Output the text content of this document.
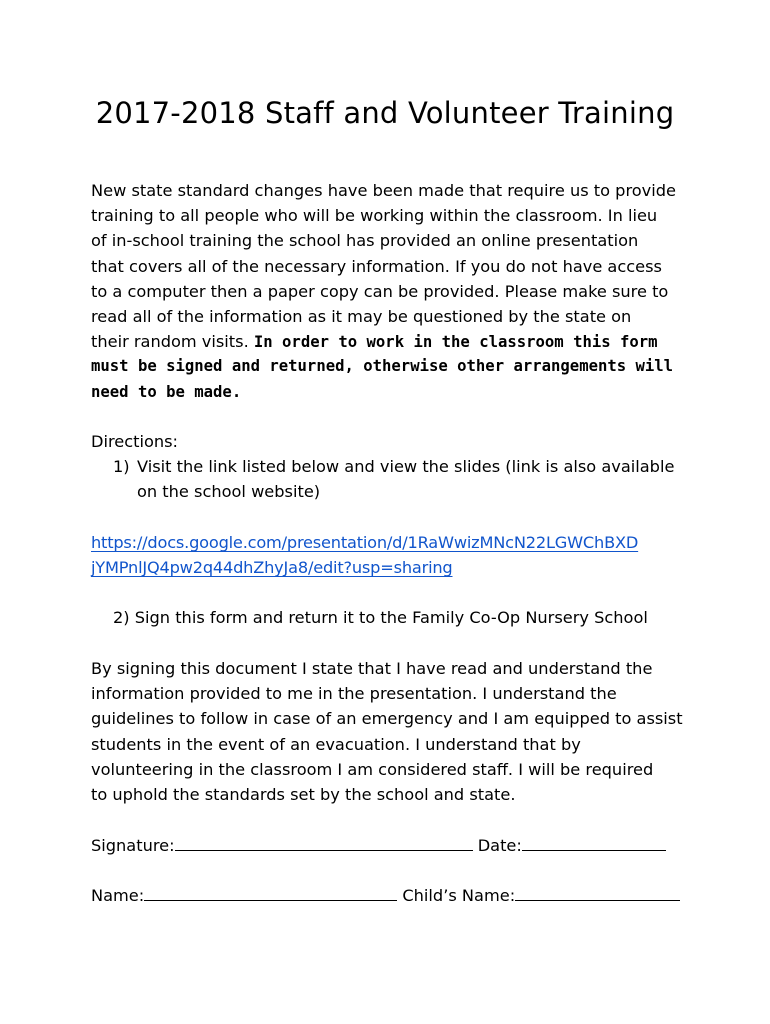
2017-2018 Staff and Volunteer Training
New state standard changes have been made that require us to provide
training to all people who will be working within the classroom. In lieu
of in-school training the school has provided an online presentation
that covers all of the necessary information. If you do not have access
to a computer then a paper copy can be provided. Please make sure to
read all of the information as it may be questioned by the state on
their random visits. In order to work in the classroom this form
must be signed and returned, otherwise other arrangements will
need to be made.
Directions:
1) Visit the link listed below and view the slides (link is also available
on the school website)
https://docs.google.com/presentation/d/1RaWwizMNcN22LGWChBXD
jYMPnlJQ4pw2q44dhZhyJa8/edit?usp=sharing
2) Sign this form and return it to the Family Co-Op Nursery School
By signing this document I state that I have read and understand the
information provided to me in the presentation. I understand the
guidelines to follow in case of an emergency and I am equipped to assist
students in the event of an evacuation. I understand that by
volunteering in the classroom I am considered staff. I will be required
to uphold the standards set by the school and state.
Signature:	Date:
Name:	Child’s Name:
